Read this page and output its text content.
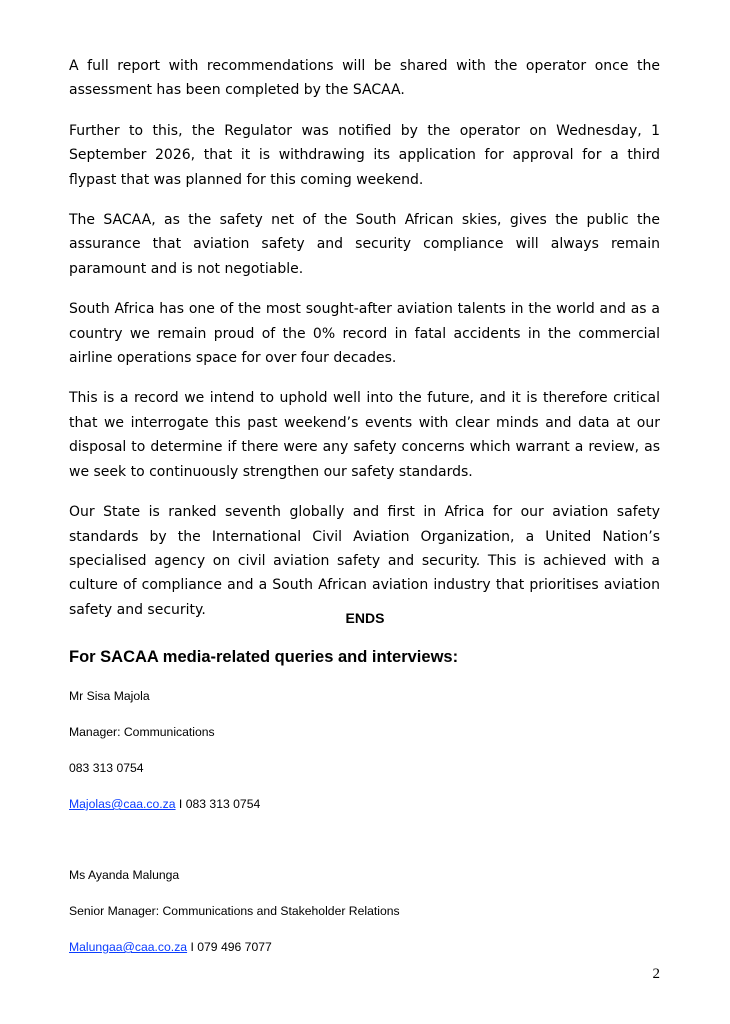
A full report with recommendations will be shared with the operator once the assessment has been completed by the SACAA.

Further to this, the Regulator was notified by the operator on Wednesday, 1 September 2026, that it is withdrawing its application for approval for a third flypast that was planned for this coming weekend.

The SACAA, as the safety net of the South African skies, gives the public the assurance that aviation safety and security compliance will always remain paramount and is not negotiable.

South Africa has one of the most sought-after aviation talents in the world and as a country we remain proud of the 0% record in fatal accidents in the commercial airline operations space for over four decades.

This is a record we intend to uphold well into the future, and it is therefore critical that we interrogate this past weekend’s events with clear minds and data at our disposal to determine if there were any safety concerns which warrant a review, as we seek to continuously strengthen our safety standards.

Our State is ranked seventh globally and first in Africa for our aviation safety standards by the International Civil Aviation Organization, a United Nation’s specialised agency on civil aviation safety and security. This is achieved with a culture of compliance and a South African aviation industry that prioritises aviation safety and security.

ENDS
For SACAA media-related queries and interviews:
Mr Sisa Majola
Manager: Communications
083 313 0754
Majolas@caa.co.za I 083 313 0754
Ms Ayanda Malunga
Senior Manager: Communications and Stakeholder Relations
Malungaa@caa.co.za I 079 496 7077
2
